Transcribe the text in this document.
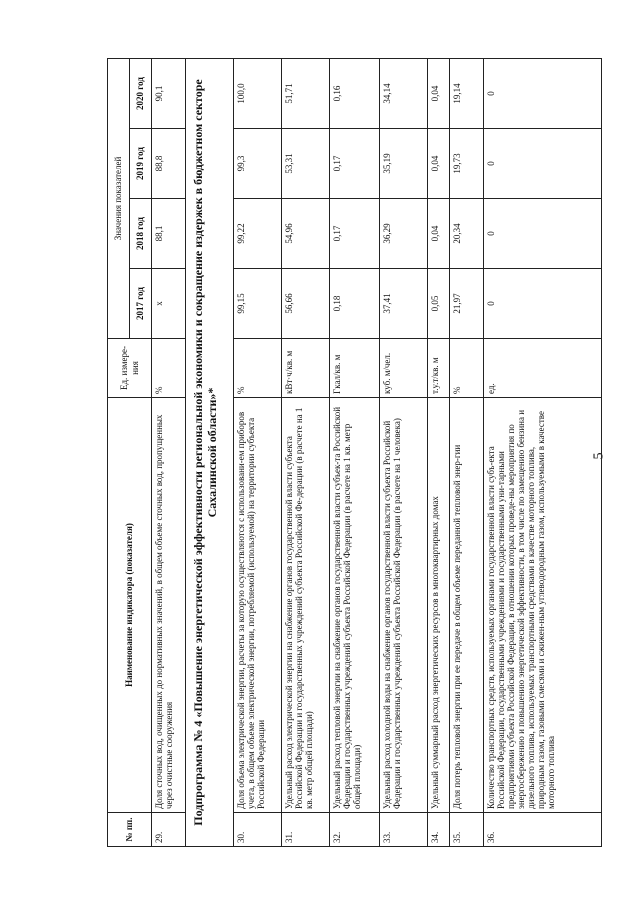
5
№ пп.	Наименование индикатора (показателя)	Ед. измере-ния	Значения показателей			
			2017 год	2018 год	2019 год	2020 год
29.	Доля сточных вод, очищенных до нормативных значений, в общем объеме сточных вод, пропущенных через очистные сооружения	%	х	88,1	88,8	90,1
Подпрограмма № 4 «Повышение энергетической эффективности региональной экономики и сокращение издержек в бюджетном секторе Сахалинской области»*						
30.	Доля объема электрической энергии, расчеты за которую осуществляются с использовани-ем приборов учета, в общем объеме электрической энергии, потребляемой (используемой) на территории субъекта Российской Федерации	%	99,15	99,22	99,3	100,0
31.	Удельный расход электрической энергии на снабжение органов государственной власти субъекта Российской Федерации и государственных учреждений субъекта Российской Фе-дерации (в расчете на 1 кв. метр общей площади)	кВт·ч/кв. м	56,66	54,96	53,31	51,71
32.	Удельный расход тепловой энергии на снабжение органов государственной власти субъек-та Российской Федерации и государственных учреждений субъекта Российской Федерации (в расчете на 1 кв. метр общей площади)	Гкал/кв. м	0,18	0,17	0,17	0,16
33.	Удельный расход холодной воды на снабжение органов государственной власти субъекта Российской Федерации и государственных учреждений субъекта Российской Федерации (в расчете на 1 человека)	куб. м/чел.	37,41	36,29	35,19	34,14
34.	Удельный суммарный расход энергетических ресурсов в многоквартирных домах	т.у.т/кв. м	0,05	0,04	0,04	0,04
35.	Доля потерь тепловой энергии при ее передаче в общем объеме переданной тепловой энер-гии	%	21,97	20,34	19,73	19,14
36.	Количество транспортных средств, используемых органами государственной власти субъ-екта Российской Федерации, государственными учреждениями и государственными уни-тарными предприятиями субъекта Российской Федерации, в отношении которых проведе-ны мероприятия по энергосбережению и повышению энергетической эффективности, в том числе по замещению бензина и дизельного топлива, используемых транспортными средствами в качестве моторного топлива, природным газом, газовыми смесями и сжижен-ным углеводородным газом, используемыми в качестве моторного топлива	ед.	0	0	0	0
